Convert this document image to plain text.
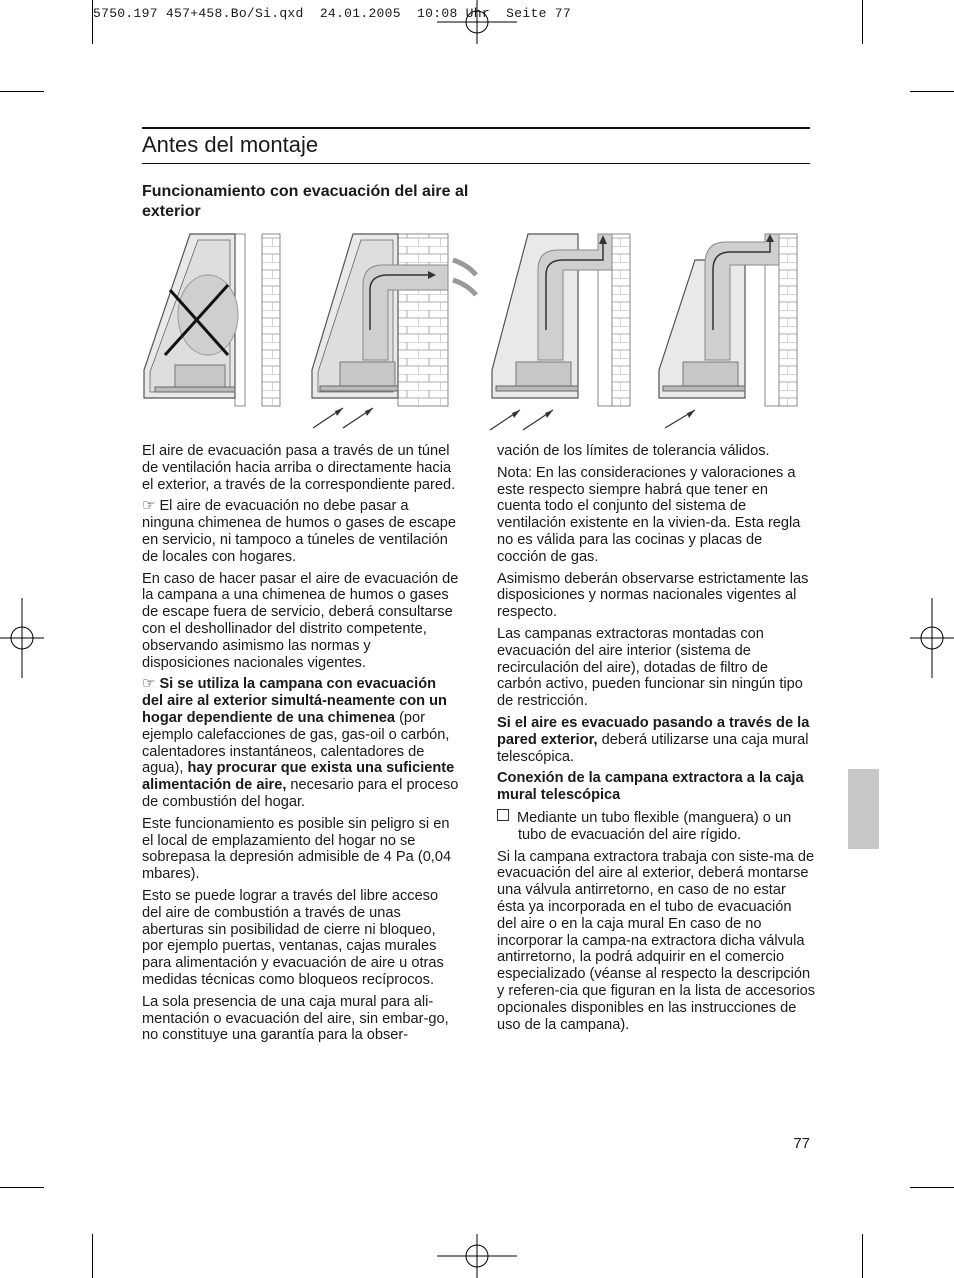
5750.197 457+458.Bo/Si.qxd  24.01.2005  10:08 Uhr  Seite 77
Antes del montaje
Funcionamiento con evacuación del aire al exterior

El aire de evacuación pasa a través de un túnel de ventilación hacia arriba o directamente hacia el exterior, a través de la correspondiente pared.

☞ El aire de evacuación no debe pasar a ninguna chimenea de humos o gases de escape en servicio, ni tampoco a túneles de ventilación de locales con hogares.

En caso de hacer pasar el aire de evacuación de la campana a una chimenea de humos o gases de escape fuera de servicio, deberá consultarse con el deshollinador del distrito competente, observando asimismo las normas y disposiciones nacionales vigentes.

☞ Si se utiliza la campana con evacuación del aire al exterior simultá-neamente con un hogar dependiente de una chimenea (por ejemplo calefacciones de gas, gas-oil o carbón, calentadores instantáneos, calentadores de agua), hay procurar que exista una suficiente alimentación de aire, necesario para el proceso de combustión del hogar.

Este funcionamiento es posible sin peligro si en el local de emplazamiento del hogar no se sobrepasa la depresión admisible de 4 Pa (0,04 mbares).

Esto se puede lograr a través del libre acceso del aire de combustión a través de unas aberturas sin posibilidad de cierre ni bloqueo, por ejemplo puertas, ventanas, cajas murales para alimentación y evacuación de aire u otras medidas técnicas como bloqueos recíprocos.

La sola presencia de una caja mural para ali-mentación o evacuación del aire, sin embar-go, no constituye una garantía para la obser-

vación de los límites de tolerancia válidos.

Nota: En las consideraciones y valoraciones a este respecto siempre habrá que tener en cuenta todo el conjunto del sistema de ventilación existente en la vivien-da. Esta regla no es válida para las cocinas y placas de cocción de gas.

Asimismo deberán observarse estrictamente las disposiciones y normas nacionales vigentes al respecto.

Las campanas extractoras montadas con evacuación del aire interior (sistema de recirculación del aire), dotadas de filtro de carbón activo, pueden funcionar sin ningún tipo de restricción.

Si el aire es evacuado pasando a través de la pared exterior, deberá utilizarse una caja mural telescópica.

Conexión de la campana extractora a la caja mural telescópica

Mediante un tubo flexible (manguera) o un tubo de evacuación del aire rígido.

Si la campana extractora trabaja con siste-ma de evacuación del aire al exterior, deberá montarse una válvula antirretorno, en caso de no estar ésta ya incorporada en el tubo de evacuación del aire o en la caja mural En caso de no incorporar la campa-na extractora dicha válvula antirretorno, la podrá adquirir en el comercio especializado (véanse al respecto la descripción y referen-cia que figuran en la lista de accesorios opcionales disponibles en las instrucciones de uso de la campana).

77
